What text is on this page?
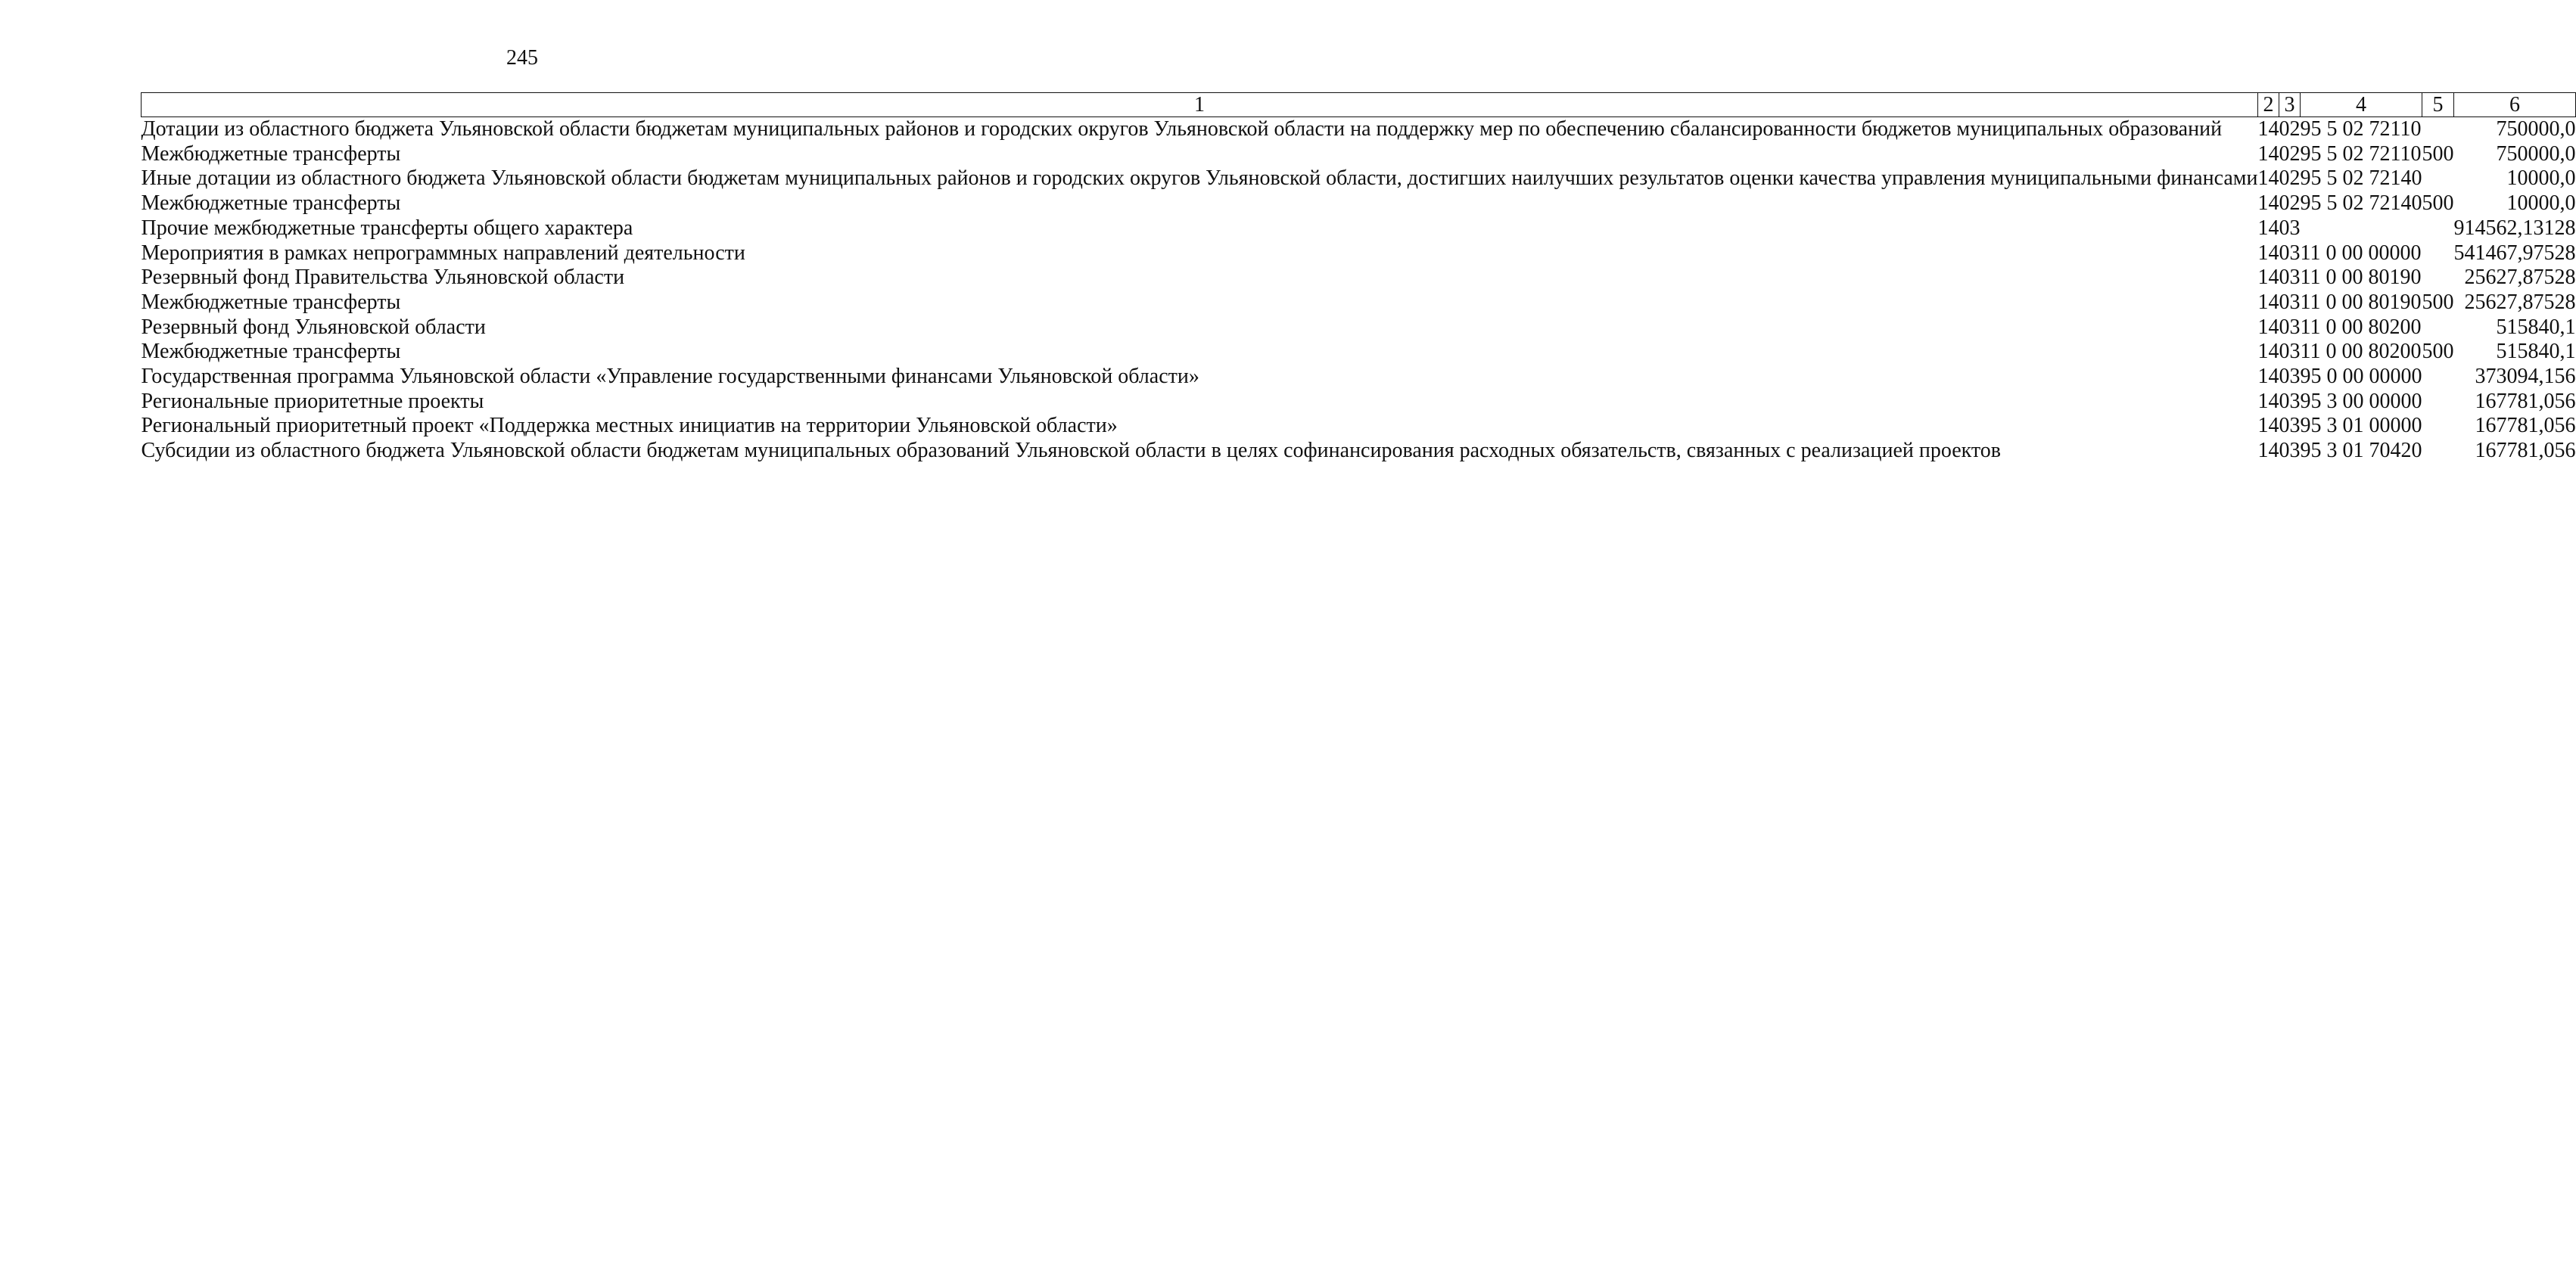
245
1	2	3	4	5	6
Дотации из областного бюджета Ульяновской области бюджетам муниципальных районов и городских округов Ульяновской области на поддержку мер по обеспечению сбалансированности бюджетов муниципальных образований	14	02	95 5 02 72110		750000,0
Межбюджетные трансферты	14	02	95 5 02 72110	500	750000,0
Иные дотации из областного бюджета Ульяновской области бюджетам муниципальных районов и городских округов Ульяновской области, достигших наилучших результатов оценки качества управления муниципальными финансами	14	02	95 5 02 72140		10000,0
Межбюджетные трансферты	14	02	95 5 02 72140	500	10000,0
Прочие межбюджетные трансферты общего характера	14	03			914562,13128
Мероприятия в рамках непрограммных направлений деятельности	14	03	11 0 00 00000		541467,97528
Резервный фонд Правительства Ульяновской области	14	03	11 0 00 80190		25627,87528
Межбюджетные трансферты	14	03	11 0 00 80190	500	25627,87528
Резервный фонд Ульяновской области	14	03	11 0 00 80200		515840,1
Межбюджетные трансферты	14	03	11 0 00 80200	500	515840,1
Государственная программа Ульяновской области «Управление государственными финансами Ульяновской области»	14	03	95 0 00 00000		373094,156
Региональные приоритетные проекты	14	03	95 3 00 00000		167781,056
Региональный приоритетный проект «Поддержка местных инициатив на территории Ульяновской области»	14	03	95 3 01 00000		167781,056
Субсидии из областного бюджета Ульяновской области бюджетам муниципальных образований Ульяновской области в целях софинансирования расходных обязательств, связанных с реализацией проектов	14	03	95 3 01 70420		167781,056
